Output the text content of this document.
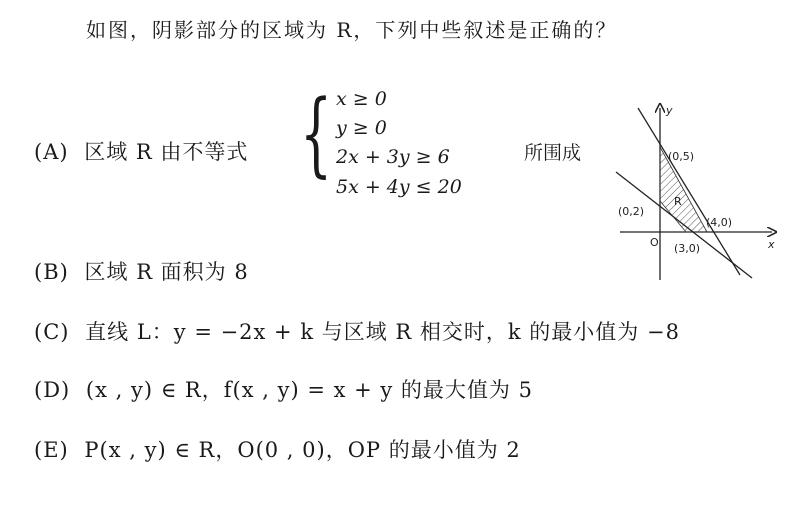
如图，阴影部分的区域为 R，下列中些叙述是正确的？
(A) 区域 R 由不等式 { x ≥ 0
y ≥ 0
2x + 3y ≥ 6
5x + 4y ≤ 20
所围成	(0,5)
(0,2)
(4,0)
(3,0)
O	x
y
R
(B) 区域 R 面积为 8
(C) 直线 L：y = −2x + k 与区域 R 相交时，k 的最小值为 −8
(D) (x , y) ∈ R，f(x , y) = x + y 的最大值为 5
(E) P(x , y) ∈ R，O(0 , 0)，OP 的最小值为 2
